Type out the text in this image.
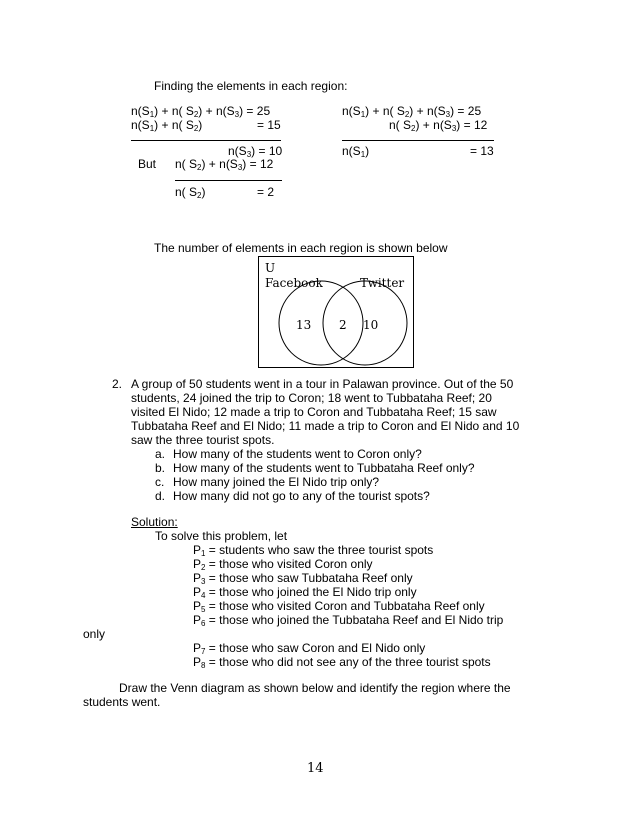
Finding the elements in each region:
$n(S_1) + n$( $S_2) + n(S_3) = 25$
$n(S_1) + n$( $S_2$)	= 15
$n(S_3) = 10$
But n( $S_2) + n(S_3) = 12$
n( $S_2$)	= 2
$n(S_1) + n$( $S_2) + n(S_3) = 25$
n( $S_2) + n(S_3) = 12$
$n(S_1)$	= 13
The number of elements in each region is shown below
U
Facebook	Twitter
13 2 10
2. A group of 50 students went in a tour in Palawan province. Out of the 50
students, 24 joined the trip to Coron; 18 went to Tubbataha Reef; 20
visited El Nido; 12 made a trip to Coron and Tubbataha Reef; 15 saw
Tubbataha Reef and El Nido; 11 made a trip to Coron and El Nido and 10
saw the three tourist spots.
a. How many of the students went to Coron only?
b. How many of the students went to Tubbataha Reef only?
c. How many joined the El Nido trip only?
d. How many did not go to any of the tourist spots?
Solution:
To solve this problem, let
$P_1$ = students who saw the three tourist spots
$P_2$ = those who visited Coron only
$P_3$ = those who saw Tubbataha Reef only
$P_4$ = those who joined the El Nido trip only
$P_5$ = those who visited Coron and Tubbataha Reef only
$P_6$ = those who joined the Tubbataha Reef and El Nido trip
only
$P_7$ = those who saw Coron and El Nido only
$P_8$ = those who did not see any of the three tourist spots
Draw the Venn diagram as shown below and identify the region where the
students went.
14
